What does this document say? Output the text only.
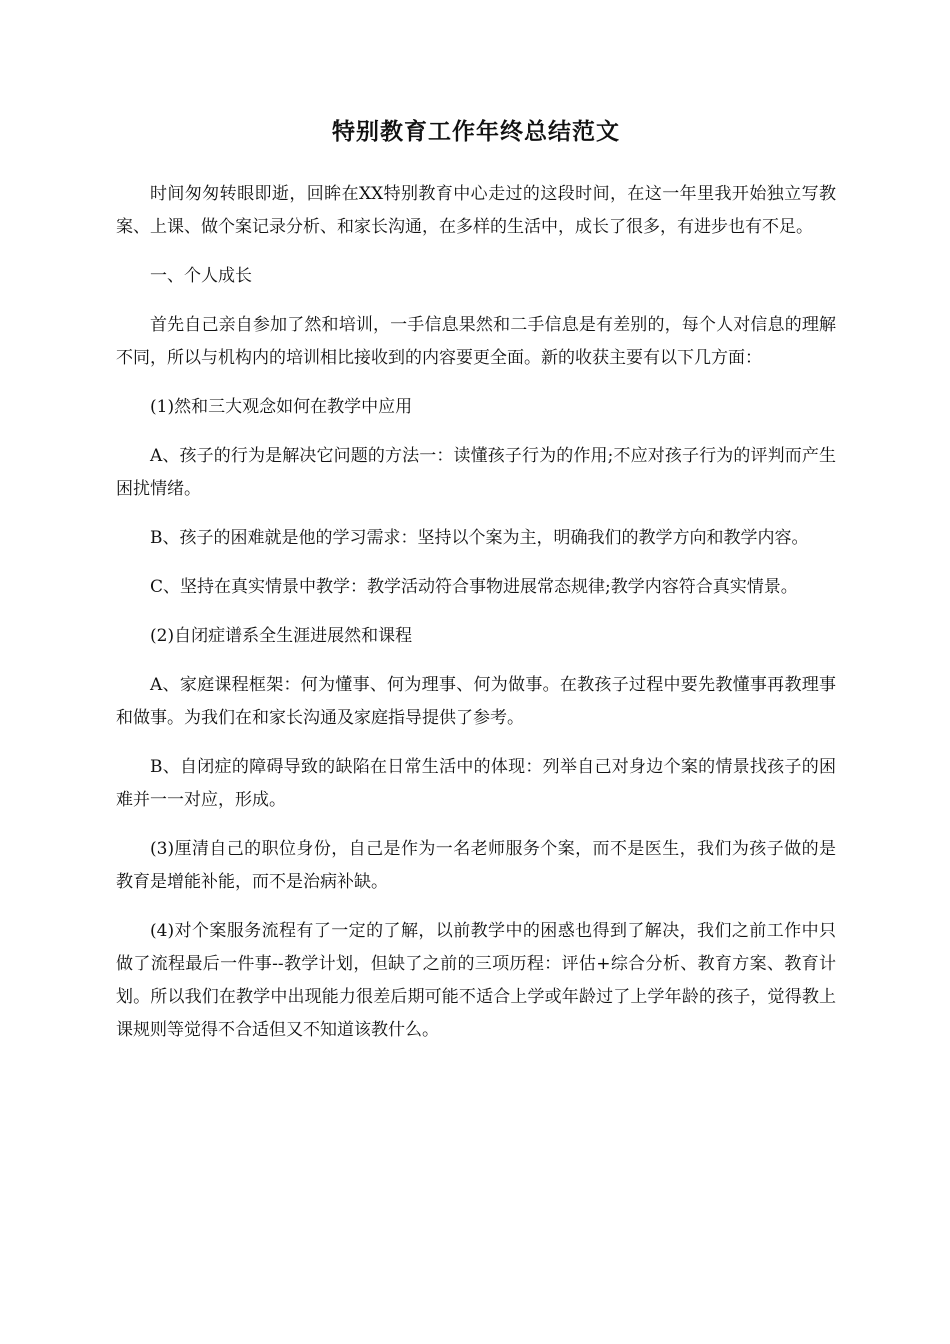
特别教育工作年终总结范文

时间匆匆转眼即逝，回眸在XX特别教育中心走过的这段时间，在这一年里我开始独立写教案、上课、做个案记录分析、和家长沟通，在多样的生活中，成长了很多，有进步也有不足。

一、个人成长

首先自己亲自参加了然和培训，一手信息果然和二手信息是有差别的，每个人对信息的理解不同，所以与机构内的培训相比接收到的内容要更全面。新的收获主要有以下几方面：

(1)然和三大观念如何在教学中应用

A、孩子的行为是解决它问题的方法一：读懂孩子行为的作用;不应对孩子行为的评判而产生困扰情绪。

B、孩子的困难就是他的学习需求：坚持以个案为主，明确我们的教学方向和教学内容。

C、坚持在真实情景中教学：教学活动符合事物进展常态规律;教学内容符合真实情景。

(2)自闭症谱系全生涯进展然和课程

A、家庭课程框架：何为懂事、何为理事、何为做事。在教孩子过程中要先教懂事再教理事和做事。为我们在和家长沟通及家庭指导提供了参考。

B、自闭症的障碍导致的缺陷在日常生活中的体现：列举自己对身边个案的情景找孩子的困难并一一对应，形成。

(3)厘清自己的职位身份，自己是作为一名老师服务个案，而不是医生，我们为孩子做的是教育是增能补能，而不是治病补缺。

(4)对个案服务流程有了一定的了解，以前教学中的困惑也得到了解决，我们之前工作中只做了流程最后一件事--教学计划，但缺了之前的三项历程：评估+综合分析、教育方案、教育计划。所以我们在教学中出现能力很差后期可能不适合上学或年龄过了上学年龄的孩子，觉得教上课规则等觉得不合适但又不知道该教什么。
